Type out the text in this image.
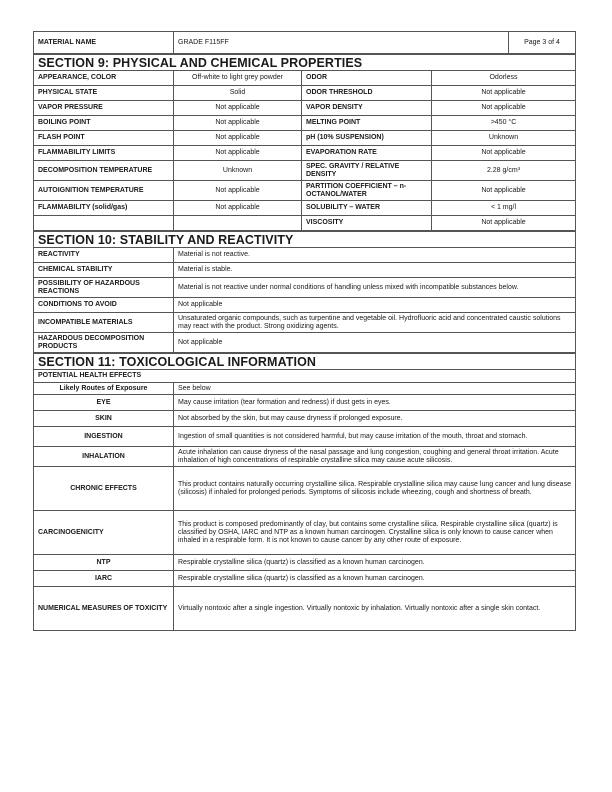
MATERIAL NAME	GRADE F115FF	Page 3 of 4
SECTION 9: PHYSICAL AND CHEMICAL PROPERTIES			
APPEARANCE, COLOR	Off-white to light grey powder	ODOR	Odorless
PHYSICAL STATE	Solid	ODOR THRESHOLD	Not applicable
VAPOR PRESSURE	Not applicable	VAPOR DENSITY	Not applicable
BOILING POINT	Not applicable	MELTING POINT	>450 °C
FLASH POINT	Not applicable	pH (10% SUSPENSION)	Unknown
FLAMMABILITY LIMITS	Not applicable	EVAPORATION RATE	Not applicable
DECOMPOSITION TEMPERATURE	Unknown	SPEC. GRAVITY / RELATIVE DENSITY	2.28 g/cm³
AUTOIGNITION TEMPERATURE	Not applicable	PARTITION COEFFICIENT – n-OCTANOL/WATER	Not applicable
FLAMMABILITY (solid/gas)	Not applicable	SOLUBILITY – WATER	< 1 mg/l
		VISCOSITY	Not applicable
SECTION 10: STABILITY AND REACTIVITY	
REACTIVITY	Material is not reactive.
CHEMICAL STABILITY	Material is stable.
POSSIBILITY OF HAZARDOUS REACTIONS	Material is not reactive under normal conditions of handling unless mixed with incompatible substances below.
CONDITIONS TO AVOID	Not applicable
INCOMPATIBLE MATERIALS	Unsaturated organic compounds, such as turpentine and vegetable oil. Hydrofluoric acid and concentrated caustic solutions may react with the product. Strong oxidizing agents.
HAZARDOUS DECOMPOSITION PRODUCTS	Not applicable
SECTION 11: TOXICOLOGICAL INFORMATION	
POTENTIAL HEALTH EFFECTS	
Likely Routes of Exposure	See below
EYE	May cause irritation (tear formation and redness) if dust gets in eyes.
SKIN	Not absorbed by the skin, but may cause dryness if prolonged exposure.
INGESTION	Ingestion of small quantities is not considered harmful, but may cause irritation of the mouth, throat and stomach.
INHALATION	Acute inhalation can cause dryness of the nasal passage and lung congestion, coughing and general throat irritation. Acute inhalation of high concentrations of respirable crystalline silica may cause acute silicosis.
CHRONIC EFFECTS	This product contains naturally occurring crystalline silica. Respirable crystalline silica may cause lung cancer and lung disease (silicosis) if inhaled for prolonged periods. Symptoms of silicosis include wheezing, cough and shortness of breath.
CARCINOGENICITY	This product is composed predominantly of clay, but contains some crystalline silica. Respirable crystalline silica (quartz) is classified by OSHA, IARC and NTP as a known human carcinogen. Crystalline silica is only known to cause cancer when inhaled in a respirable form. It is not known to cause cancer by any other route of exposure.
NTP	Respirable crystalline silica (quartz) is classified as a known human carcinogen.
IARC	Respirable crystalline silica (quartz) is classified as a known human carcinogen.
NUMERICAL MEASURES OF TOXICITY	Virtually nontoxic after a single ingestion. Virtually nontoxic by inhalation. Virtually nontoxic after a single skin contact.
